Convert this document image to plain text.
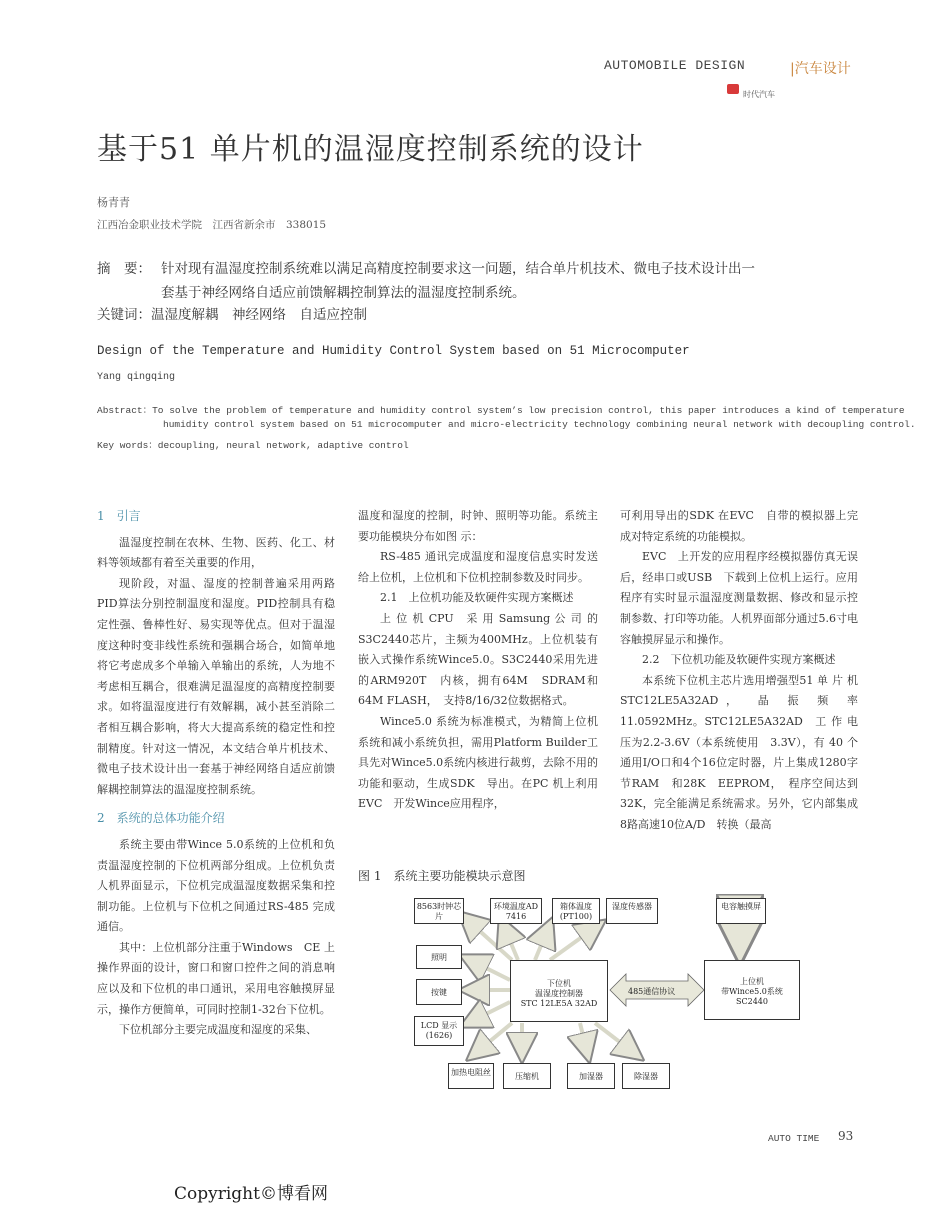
AUTOMOBILE DESIGN	|汽车设计
时代汽车
基于51 单片机的温湿度控制系统的设计
杨青青
江西冶金职业技术学院　江西省新余市　338015
摘　要： 针对现有温湿度控制系统难以满足高精度控制要求这一问题，结合单片机技术、微电子技术设计出一
套基于神经网络自适应前馈解耦控制算法的温湿度控制系统。
关键词：温湿度解耦　神经网络　自适应控制
Design of the Temperature and Humidity Control System based on 51 Microcomputer
Yang qingqing
Abstract：To solve the problem of temperature and humidity control system’s low precision control, this paper introduces a kind of temperature
humidity control system based on 51 microcomputer and micro-electricity technology combining neural network with decoupling control.
Key words：decoupling, neural network, adaptive control

1　引言

温湿度控制在农林、生物、医药、化工、材料等领域都有着至关重要的作用，

现阶段，对温、湿度的控制普遍采用两路PID算法分别控制温度和湿度。PID控制具有稳定性强、鲁棒性好、易实现等优点。但对于温湿度这种时变非线性系统和强耦合场合，如简单地将它考虑成多个单输入单输出的系统，人为地不考虑相互耦合，很难满足温湿度的高精度控制要求。如将温湿度进行有效解耦，减小甚至消除二者相互耦合影响，将大大提高系统的稳定性和控制精度。针对这一情况，本文结合单片机技术、微电子技术设计出一套基于神经网络自适应前馈解耦控制算法的温湿度控制系统。

2　系统的总体功能介绍

系统主要由带Wince 5.0系统的上位机和负责温湿度控制的下位机两部分组成。上位机负责人机界面显示，下位机完成温湿度数据采集和控制功能。上位机与下位机之间通过RS-485 完成通信。

其中：上位机部分注重于Windows　CE 上操作界面的设计，窗口和窗口控件之间的消息响应以及和下位机的串口通讯，采用电容触摸屏显示，操作方便简单，可同时控制1-32台下位机。

下位机部分主要完成温度和湿度的采集、

温度和湿度的控制，时钟、照明等功能。系统主要功能模块分布如图 示：

RS-485 通讯完成温度和湿度信息实时发送给上位机，上位机和下位机控制参数及时同步。

2.1　上位机功能及软硬件实现方案概述

上 位 机 CPU　采 用 Samsung 公 司 的S3C2440芯片，主频为400MHz。上位机装有嵌入式操作系统Wince5.0。S3C2440采用先进的ARM920T　内核，拥有64M　SDRAM和64M FLASH，　支持8/16/32位数据格式。

Wince5.0 系统为标准模式，为精简上位机系统和减小系统负担，需用Platform Builder工具先对Wince5.0系统内核进行裁剪，去除不用的功能和驱动，生成SDK　导出。在PC 机上利用EVC　开发Wince应用程序，

可利用导出的SDK 在EVC　自带的模拟器上完成对特定系统的功能模拟。

EVC　上开发的应用程序经模拟器仿真无误后，经串口或USB　下载到上位机上运行。应用程序有实时显示温湿度测量数据、修改和显示控制参数、打印等功能。人机界面部分通过5.6寸电容触摸屏显示和操作。

2.2　下位机功能及软硬件实现方案概述

本系统下位机主芯片选用增强型51 单 片 机 STC12LE5A32AD，　晶 振 频 率11.0592MHz。STC12LE5A32AD　工 作 电 压为2.2-3.6V（本系统使用　3.3V），有 40 个通用I/O口和4个16位定时器，片上集成1280字节RAM　和28K　EEPROM，　程序空间达到32K，完全能满足系统需求。另外，它内部集成8路高速10位A/D　转换（最高

图 1　系统主要功能模块示意图
8563时钟芯片
环境温度AD 7416
箱体温度(PT100)
湿度传感器	电容触摸屏
照明
按键
LCD 显示(1626)
下位机
温湿度控制器
STC 12LE5A 32AD
上位机
带Wince5.0系统
SC2440
485通信协议
加热电阻丝	压缩机	加湿器	除湿器
AUTO TIME 93
Copyright©博看网
